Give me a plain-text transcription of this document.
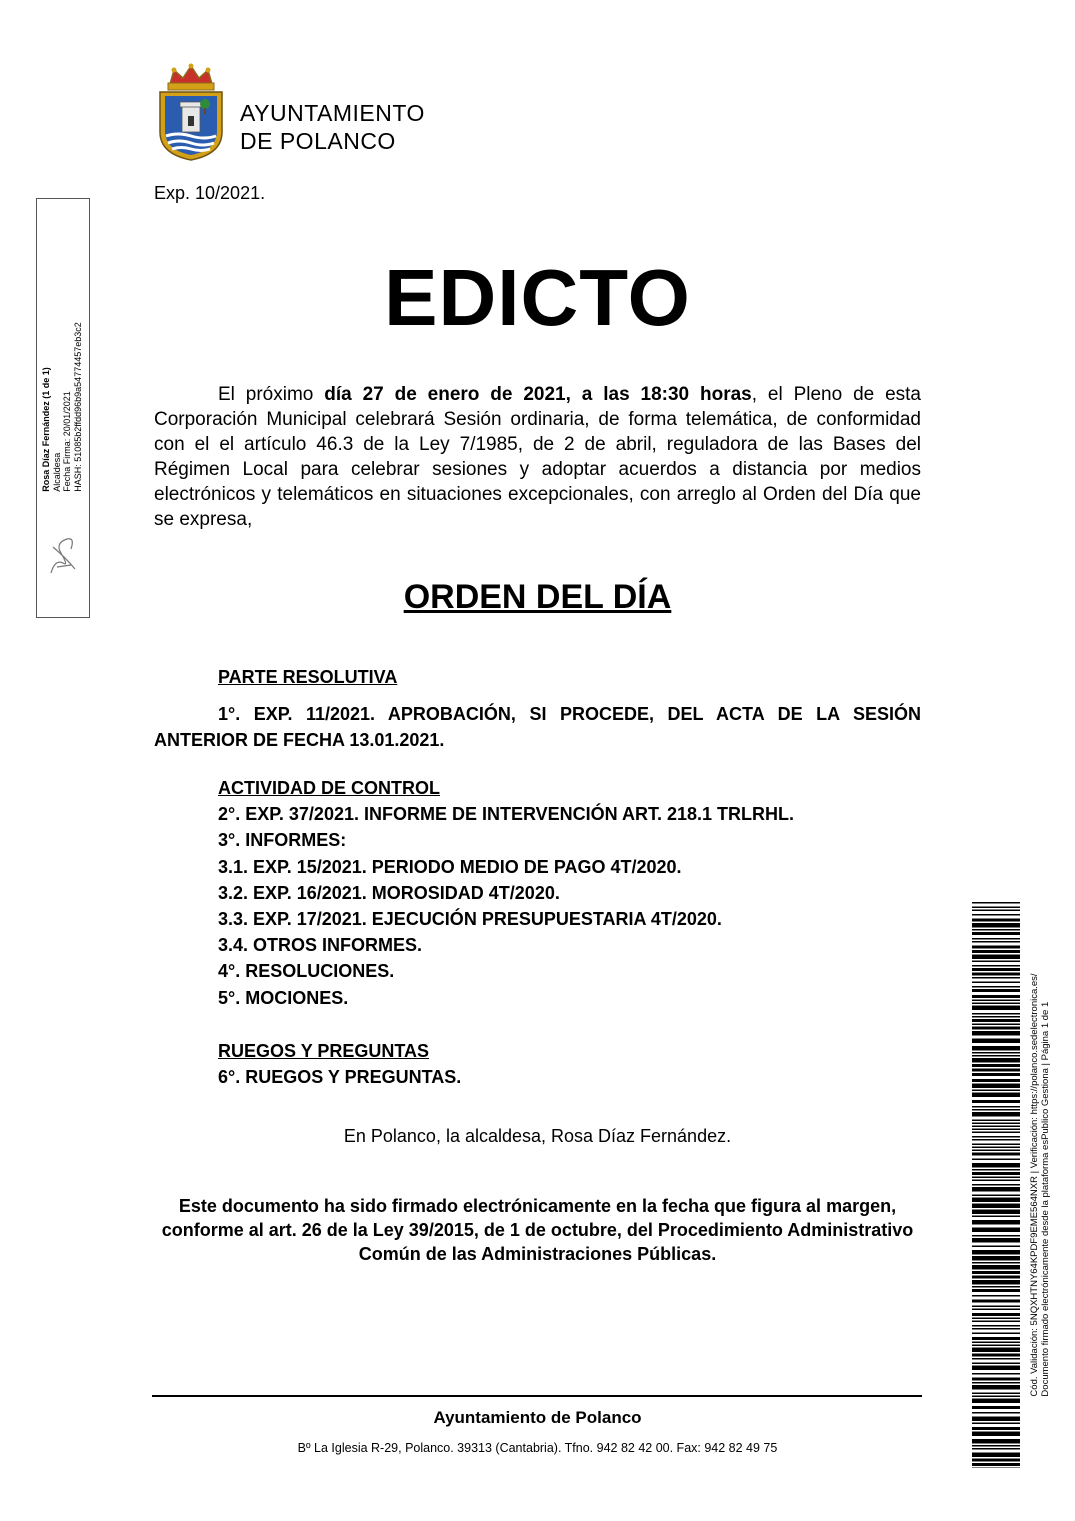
AYUNTAMIENTO
DE POLANCO
Exp. 10/2021.
EDICTO
El próximo día 27 de enero de 2021, a las 18:30 horas, el Pleno de esta Corporación Municipal celebrará Sesión ordinaria, de forma telemática, de conformidad con el el artículo 46.3 de la Ley 7/1985, de 2 de abril, reguladora de las Bases del Régimen Local para celebrar sesiones y adoptar acuerdos a distancia por medios electrónicos y telemáticos en situaciones excepcionales, con arreglo al Orden del Día que se expresa,
ORDEN DEL DÍA
PARTE RESOLUTIVA
1°. EXP. 11/2021. APROBACIÓN, SI PROCEDE, DEL ACTA DE LA SESIÓN ANTERIOR DE FECHA 13.01.2021.
ACTIVIDAD DE CONTROL
2°. EXP. 37/2021. INFORME DE INTERVENCIÓN ART. 218.1 TRLRHL.
3°. INFORMES:
3.1. EXP. 15/2021. PERIODO MEDIO DE PAGO 4T/2020.
3.2. EXP. 16/2021. MOROSIDAD 4T/2020.
3.3. EXP. 17/2021. EJECUCIÓN PRESUPUESTARIA 4T/2020.
3.4. OTROS INFORMES.
4°. RESOLUCIONES.
5°. MOCIONES.
RUEGOS Y PREGUNTAS
6°. RUEGOS Y PREGUNTAS.
En Polanco, la alcaldesa, Rosa Díaz Fernández.
Este documento ha sido firmado electrónicamente en la fecha que figura al margen, conforme al art. 26 de la Ley 39/2015, de 1 de octubre, del Procedimiento Administrativo Común de las Administraciones Públicas.
Ayuntamiento de Polanco
Bº La Iglesia R-29, Polanco. 39313 (Cantabria). Tfno. 942 82 42 00. Fax: 942 82 49 75
Rosa Díaz Fernández (1 de 1) Alcaldesa Fecha Firma: 20/01/2021 HASH: 51085b2ffdd96b9a54774457eb3c2
Cód. Validación: 5NQXHTNY64KPDF9EME564NXR | Verificación: https://polanco.sedelectronica.es/ Documento firmado electrónicamente desde la plataforma esPublico Gestiona | Página 1 de 1
